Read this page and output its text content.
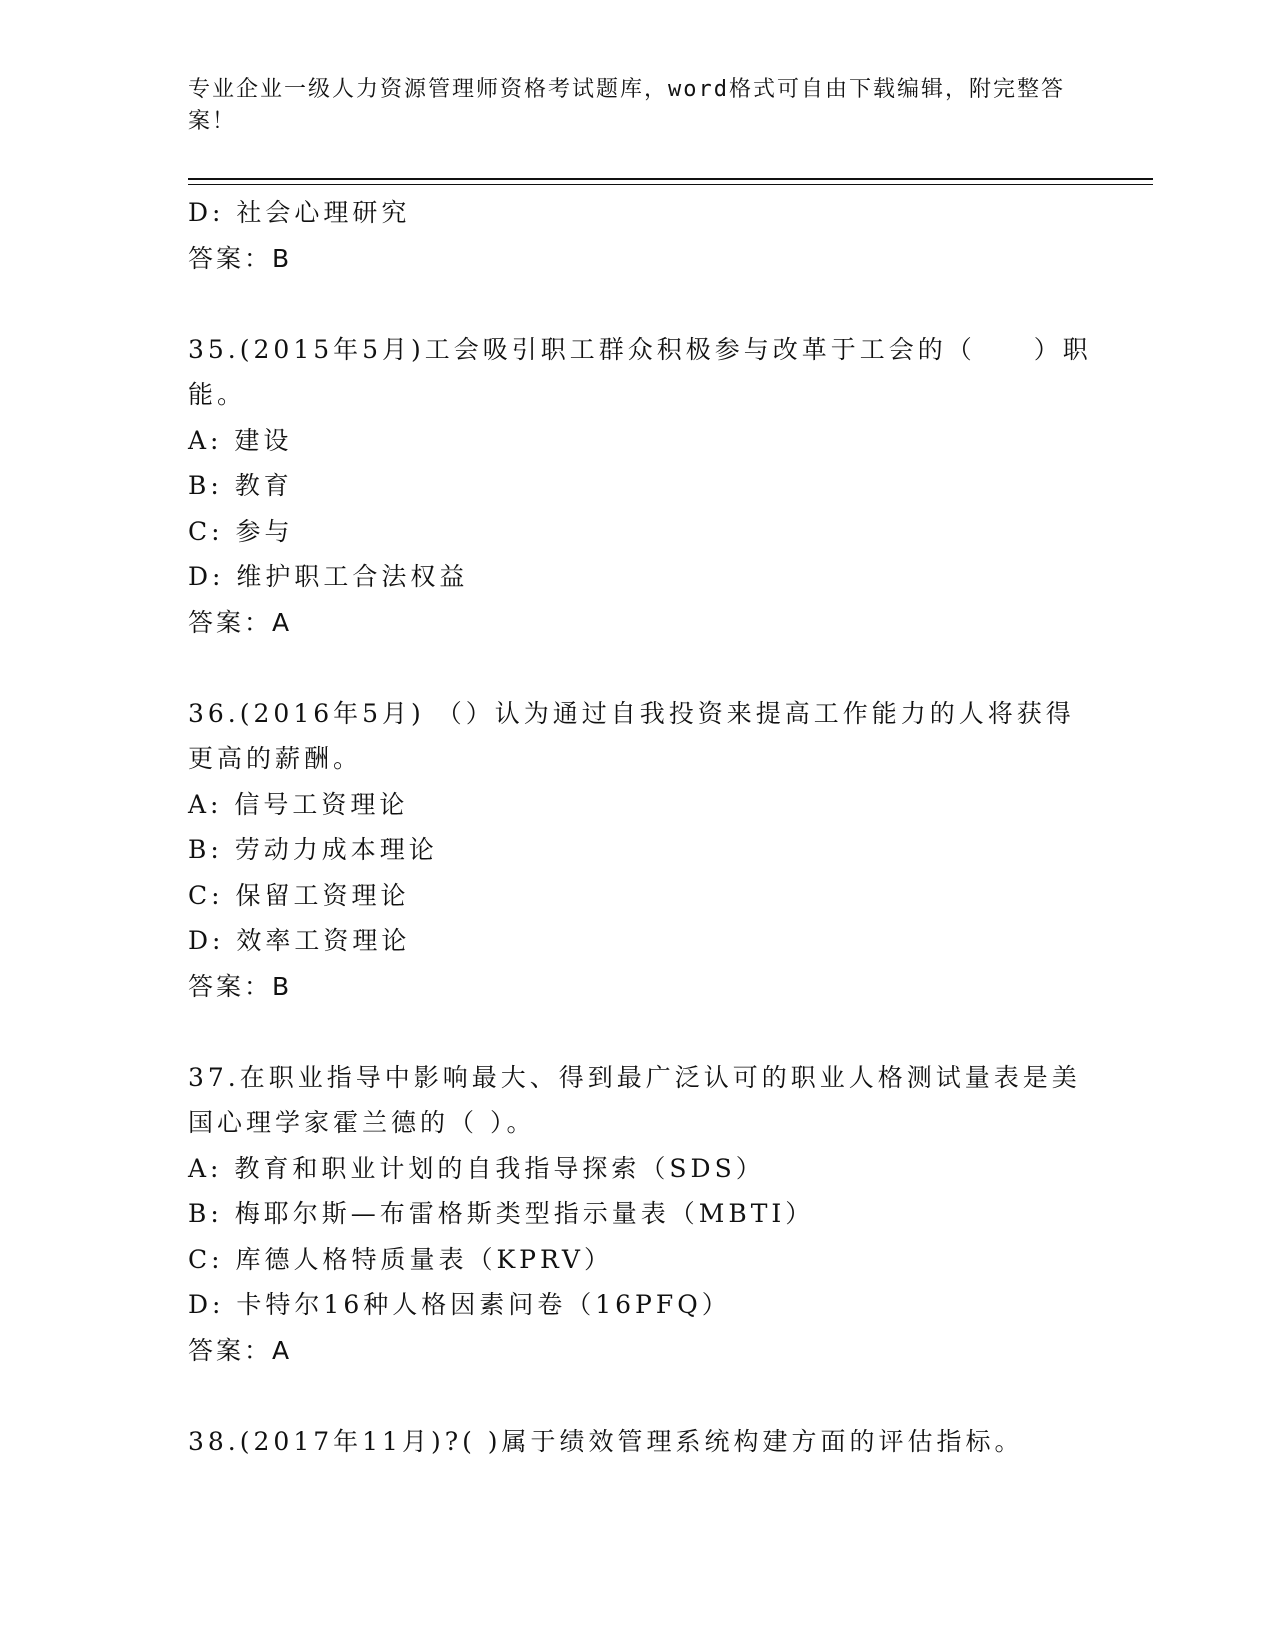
专业企业一级人力资源管理师资格考试题库，word格式可自由下载编辑，附完整答案！
D: 社会心理研究
答案：B
35.(2015年5月)工会吸引职工群众积极参与改革于工会的（　　）职
能。
A: 建设
B: 教育
C: 参与
D: 维护职工合法权益
答案：A
36.(2016年5月) （）认为通过自我投资来提高工作能力的人将获得
更高的薪酬。
A: 信号工资理论
B: 劳动力成本理论
C: 保留工资理论
D: 效率工资理论
答案：B
37.在职业指导中影响最大、得到最广泛认可的职业人格测试量表是美
国心理学家霍兰德的（ ）。
A: 教育和职业计划的自我指导探索（SDS）
B: 梅耶尔斯—布雷格斯类型指示量表（MBTI）
C: 库德人格特质量表（KPRV）
D: 卡特尔16种人格因素问卷（16PFQ）
答案：A
38.(2017年11月)?( )属于绩效管理系统构建方面的评估指标。
